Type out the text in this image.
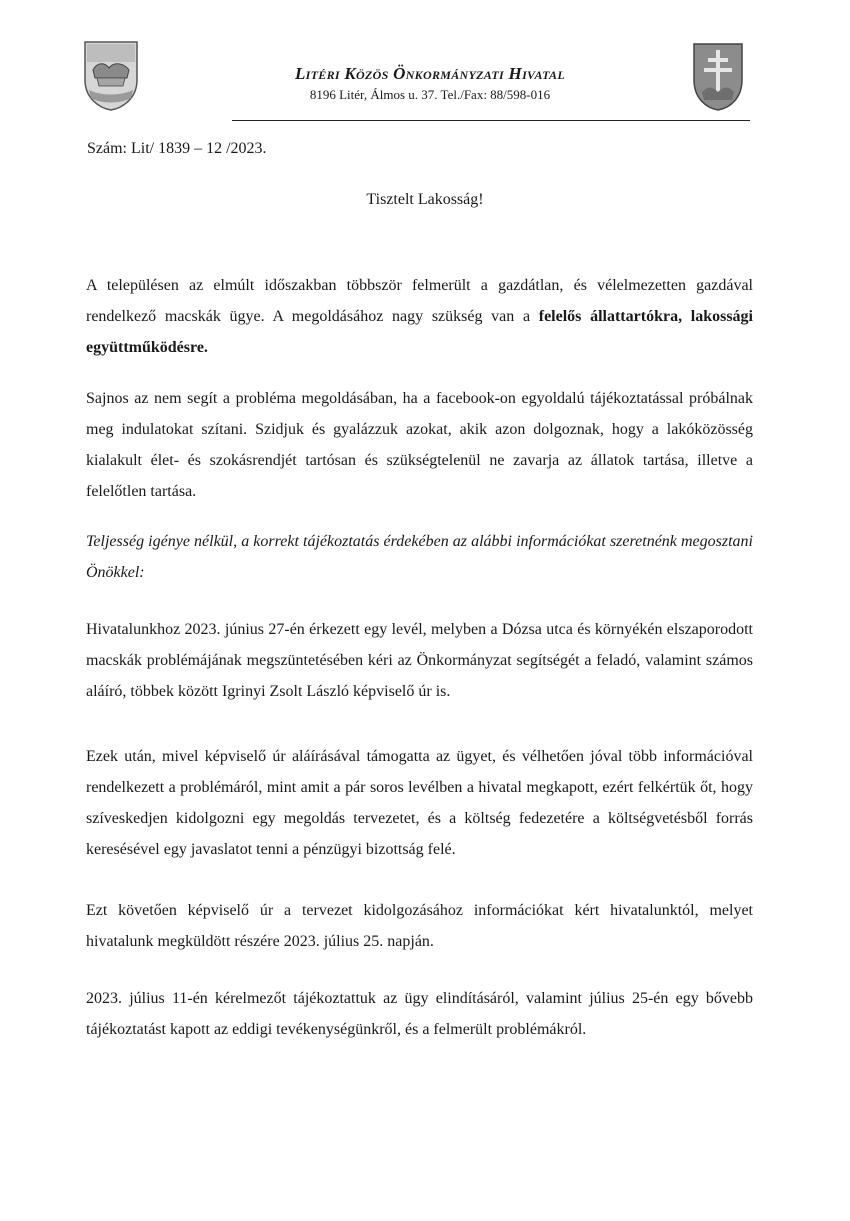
Litéri Közös Önkormányzati Hivatal
8196 Litér, Álmos u. 37. Tel./Fax: 88/598-016
Szám: Lit/ 1839 – 12 /2023.
Tisztelt Lakosság!
A településen az elmúlt időszakban többször felmerült a gazdátlan, és vélelmezetten gazdával rendelkező macskák ügye. A megoldásához nagy szükség van a felelős állattartókra, lakossági együttműködésre.
Sajnos az nem segít a probléma megoldásában, ha a facebook-on egyoldalú tájékoztatással próbálnak meg indulatokat szítani. Szidjuk és gyalázzuk azokat, akik azon dolgoznak, hogy a lakóközösség kialakult élet- és szokásrendjét tartósan és szükségtelenül ne zavarja az állatok tartása, illetve a felelőtlen tartása.
Teljesség igénye nélkül, a korrekt tájékoztatás érdekében az alábbi információkat szeretnénk megosztani Önökkel:
Hivatalunkhoz 2023. június 27-én érkezett egy levél, melyben a Dózsa utca és környékén elszaporodott macskák problémájának megszüntetésében kéri az Önkormányzat segítségét a feladó, valamint számos aláíró, többek között Igrinyi Zsolt László képviselő úr is.
Ezek után, mivel képviselő úr aláírásával támogatta az ügyet, és vélhetően jóval több információval rendelkezett a problémáról, mint amit a pár soros levélben a hivatal megkapott, ezért felkértük őt, hogy szíveskedjen kidolgozni egy megoldás tervezetet, és a költség fedezetére a költségvetésből forrás keresésével egy javaslatot tenni a pénzügyi bizottság felé.
Ezt követően képviselő úr a tervezet kidolgozásához információkat kért hivatalunktól, melyet hivatalunk megküldött részére 2023. július 25. napján.
2023. július 11-én kérelmezőt tájékoztattuk az ügy elindításáról, valamint július 25-én egy bővebb tájékoztatást kapott az eddigi tevékenységünkről, és a felmerült problémákról.
